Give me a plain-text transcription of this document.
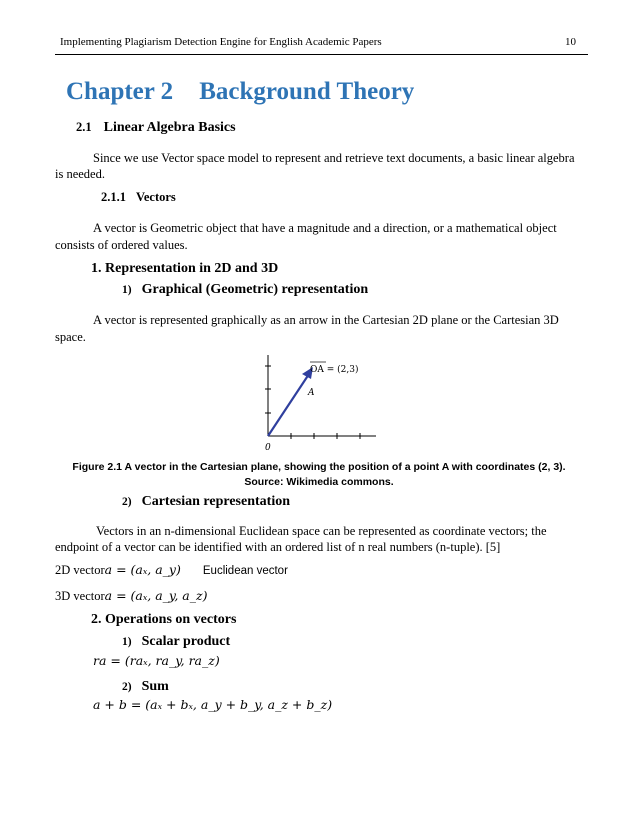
Implementing Plagiarism Detection Engine for English Academic Papers	10
Chapter 2 Background Theory
2.1 Linear Algebra Basics
Since we use Vector space model to represent and retrieve text documents, a basic linear algebra
is needed.
2.1.1 Vectors
A vector is Geometric object that have a magnitude and a direction, or a mathematical object
consists of ordered values.
1. Representation in 2D and 3D
1) Graphical (Geometric) representation
A vector is represented graphically as an arrow in the Cartesian 2D plane or the Cartesian 3D
space.
OA = (2,3)
A
0
Figure 2.1 A vector in the Cartesian plane, showing the position of a point A with coordinates (2, 3).
Source: Wikimedia commons.
2) Cartesian representation
Vectors in an n-dimensional Euclidean space can be represented as coordinate vectors; the
endpoint of a vector can be identified with an ordered list of n real numbers (n-tuple). [5]
2D vectora = (aₓ, a_y) Euclidean vector
3D vectora = (aₓ, a_y, a_z)
2. Operations on vectors
1) Scalar product
ra = (raₓ, ra_y, ra_z)
2) Sum
a + b = (aₓ + bₓ, a_y + b_y, a_z + b_z)
